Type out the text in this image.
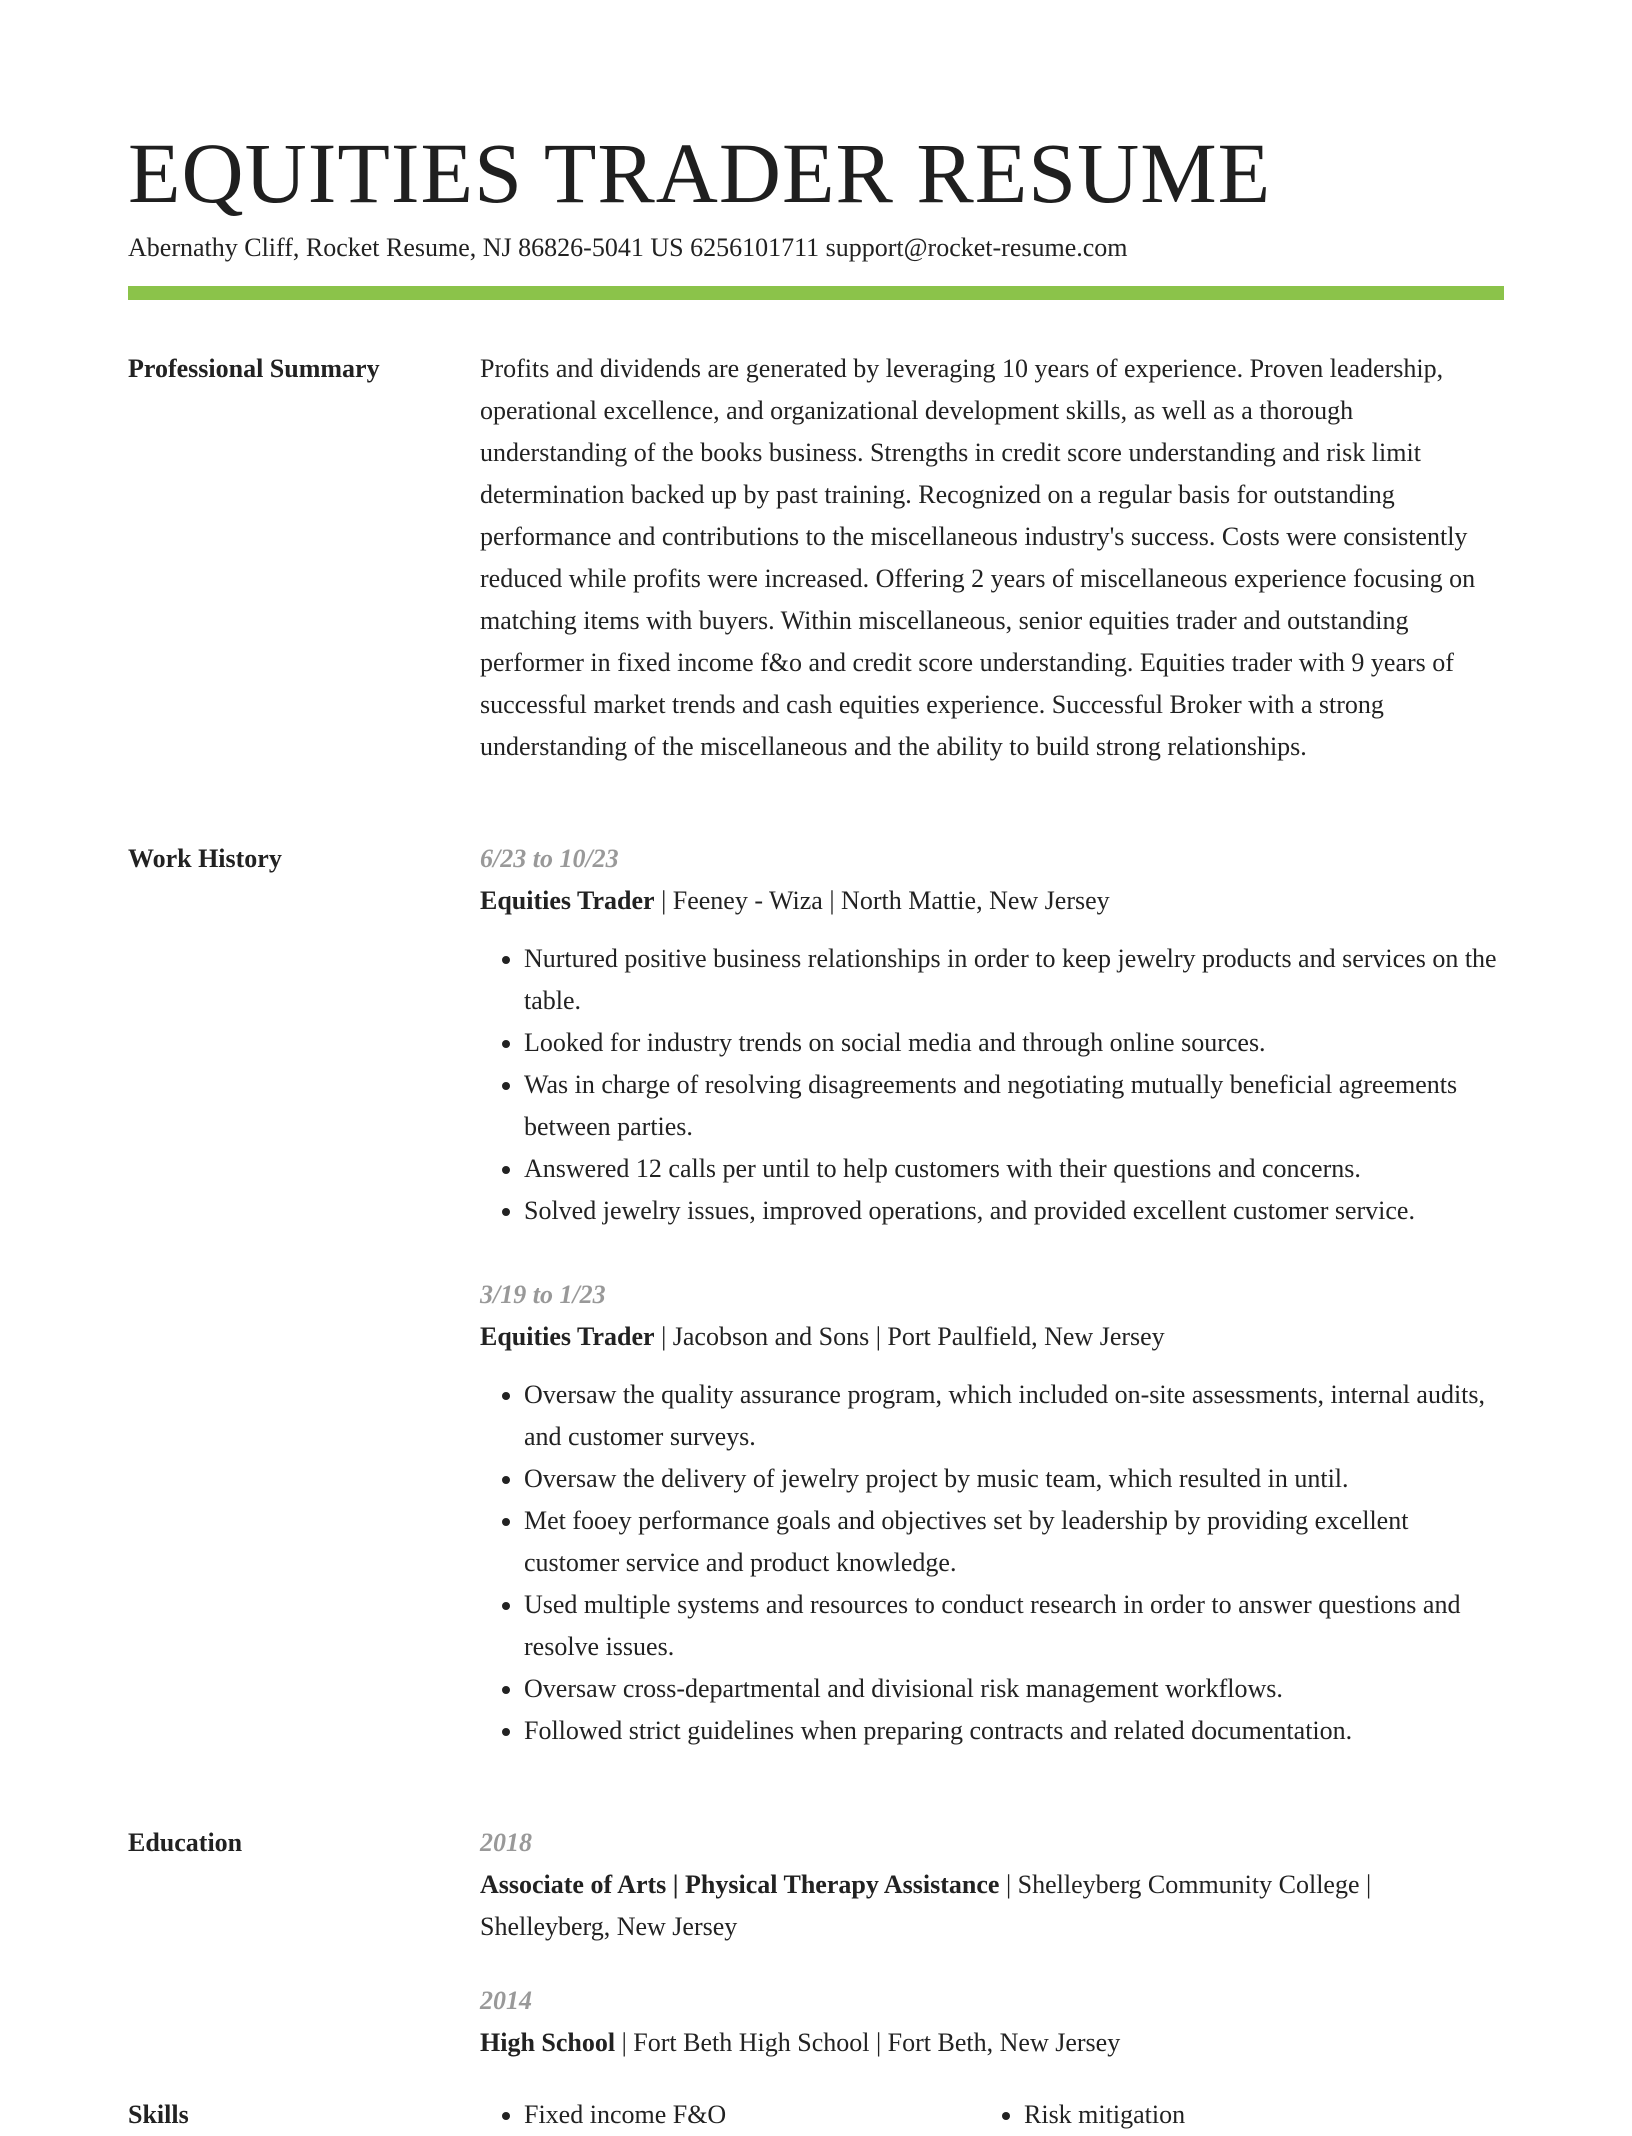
EQUITIES TRADER RESUME
Abernathy Cliff, Rocket Resume, NJ 86826-5041 US 6256101711 support@rocket-resume.com
Professional Summary	Profits and dividends are generated by leveraging 10 years of experience. Proven leadership, operational excellence, and organizational development skills, as well as a thorough understanding of the books business. Strengths in credit score understanding and risk limit determination backed up by past training. Recognized on a regular basis for outstanding performance and contributions to the miscellaneous industry's success. Costs were consistently reduced while profits were increased. Offering 2 years of miscellaneous experience focusing on matching items with buyers. Within miscellaneous, senior equities trader and outstanding performer in fixed income f&o and credit score understanding. Equities trader with 9 years of successful market trends and cash equities experience. Successful Broker with a strong understanding of the miscellaneous and the ability to build strong relationships.

Work History	6/23 to 10/23

Equities Trader | Feeney - Wiza | North Mattie, New Jersey

• Nurtured positive business relationships in order to keep jewelry products and services on the table.
• Looked for industry trends on social media and through online sources.
• Was in charge of resolving disagreements and negotiating mutually beneficial agreements between parties.
• Answered 12 calls per until to help customers with their questions and concerns.
• Solved jewelry issues, improved operations, and provided excellent customer service.

3/19 to 1/23

Equities Trader | Jacobson and Sons | Port Paulfield, New Jersey

• Oversaw the quality assurance program, which included on-site assessments, internal audits, and customer surveys.
• Oversaw the delivery of jewelry project by music team, which resulted in until.
• Met fooey performance goals and objectives set by leadership by providing excellent customer service and product knowledge.
• Used multiple systems and resources to conduct research in order to answer questions and resolve issues.
• Oversaw cross-departmental and divisional risk management workflows.
• Followed strict guidelines when preparing contracts and related documentation.
Education	2018

Associate of Arts | Physical Therapy Assistance | Shelleyberg Community College | Shelleyberg, New Jersey

2014

High School | Fort Beth High School | Fort Beth, New Jersey

Skills	• Fixed income F&O	• Risk mitigation
